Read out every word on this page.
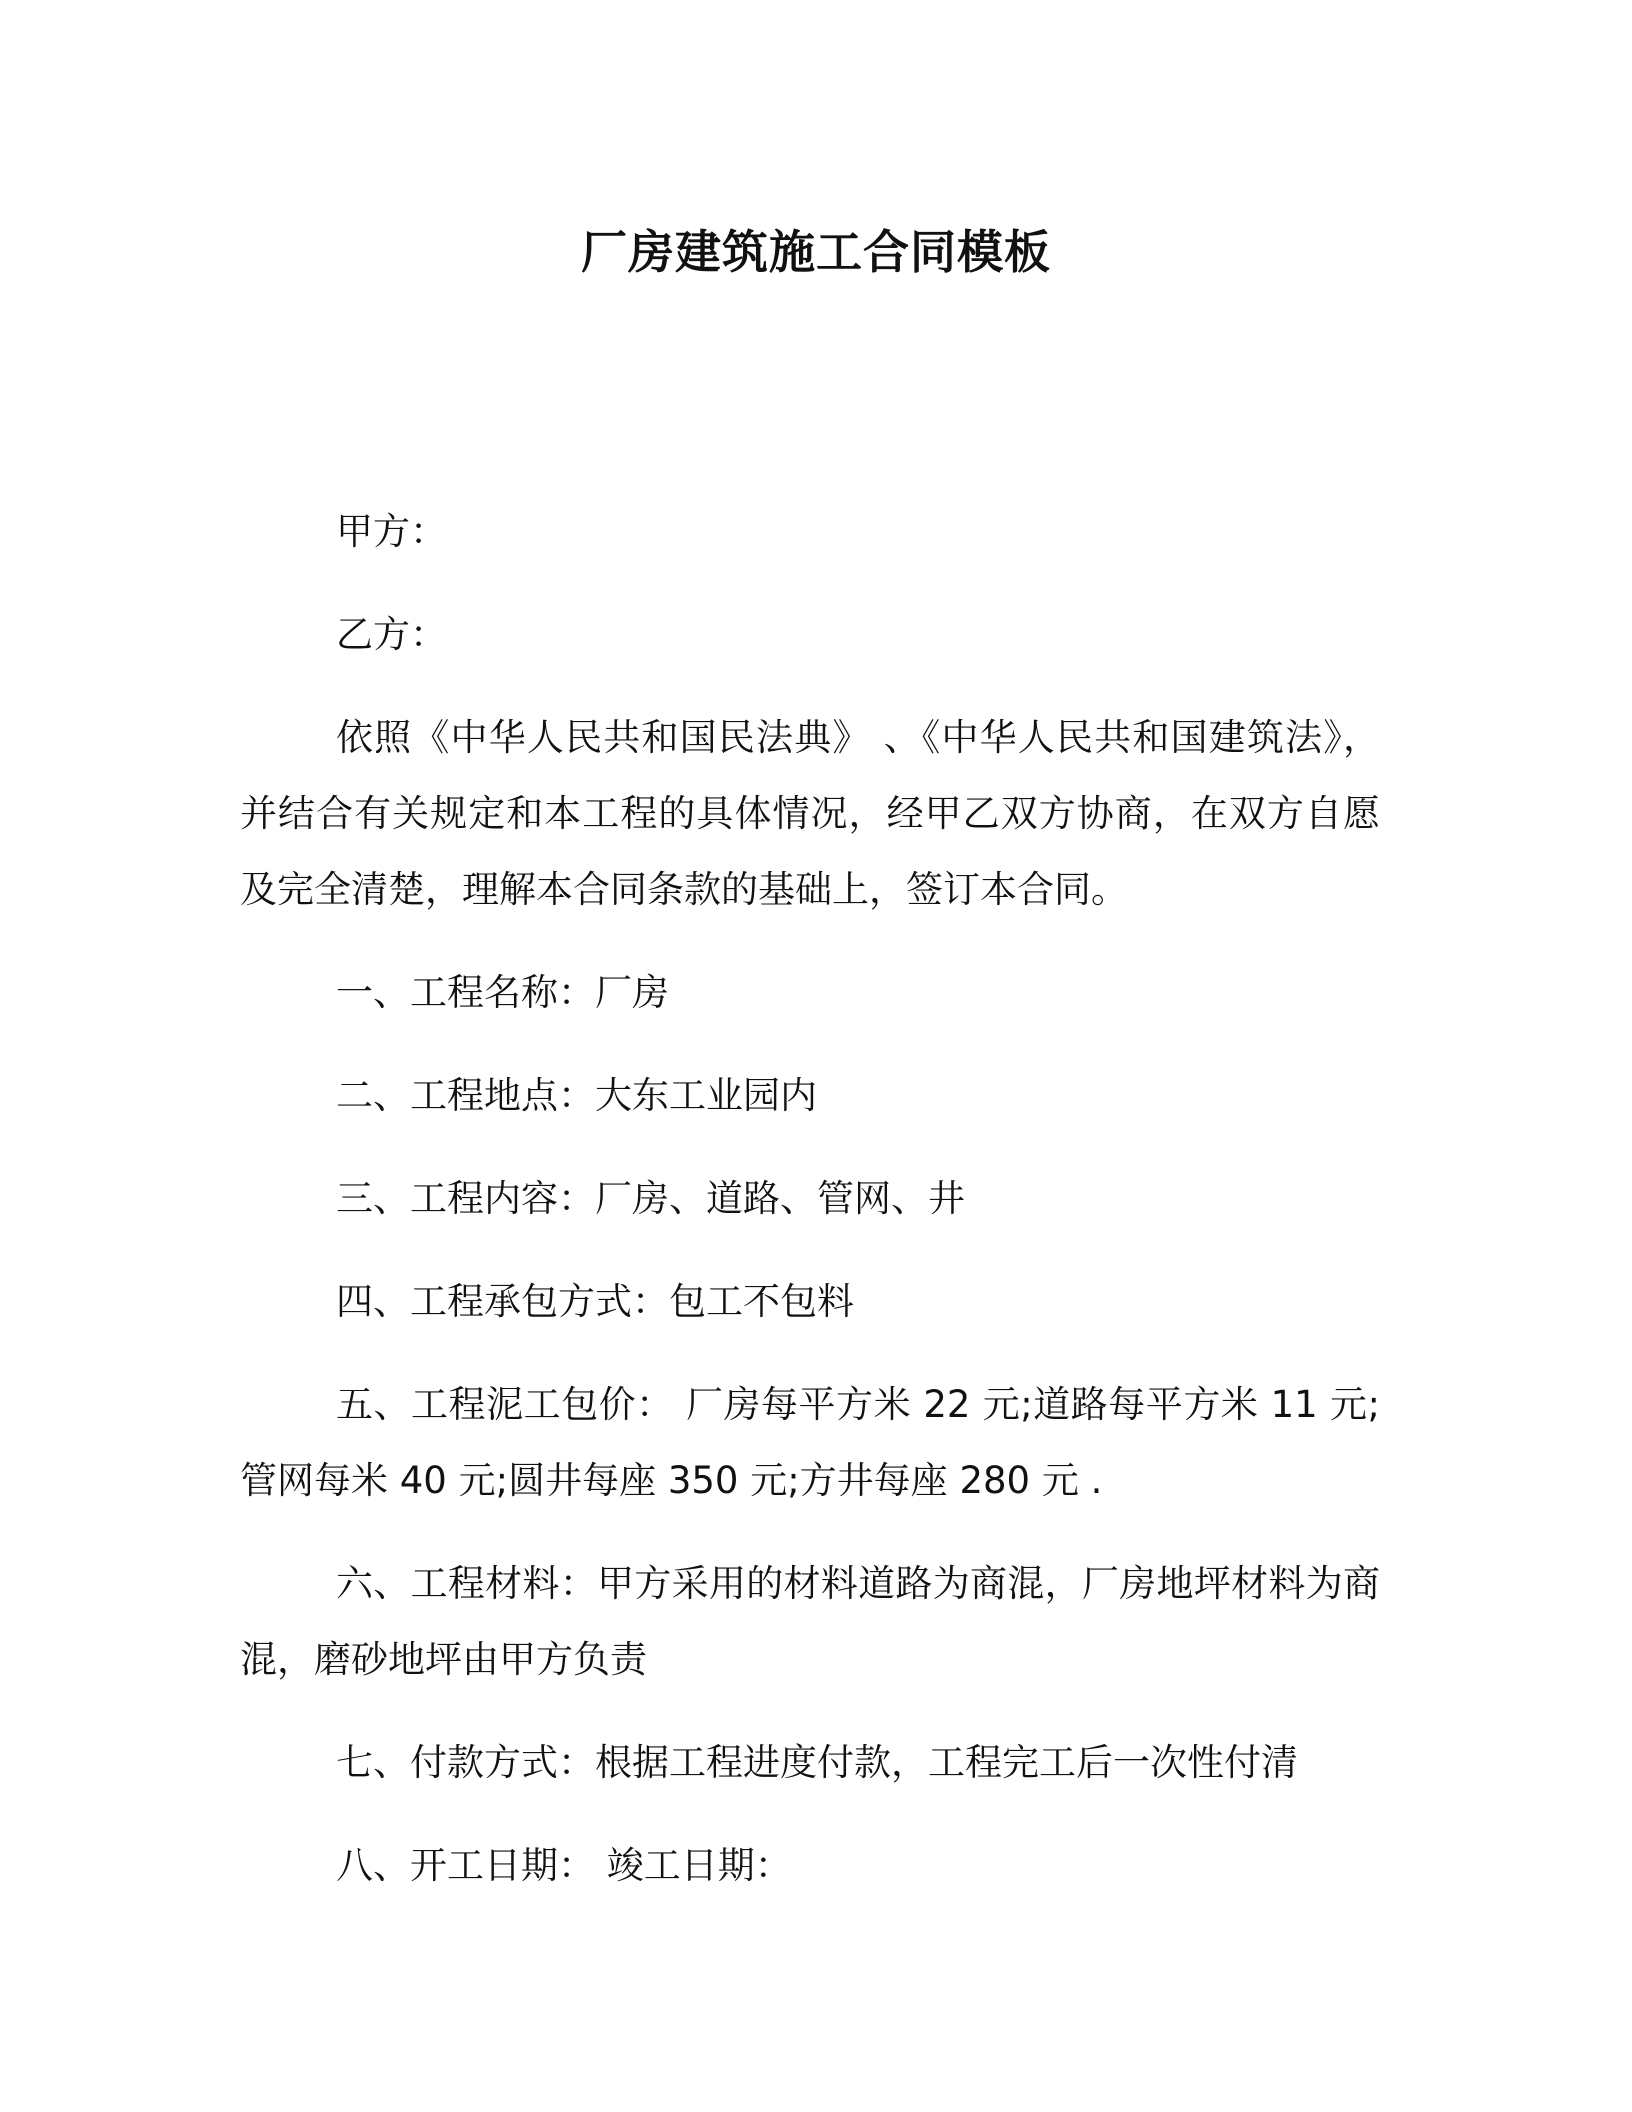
厂房建筑施工合同模板

甲方：

乙方：

依照《中华人民共和国民法典》 、《中华人民共和国建筑法》，并结合有关规定和本工程的具体情况，经甲乙双方协商，在双方自愿及完全清楚，理解本合同条款的基础上，签订本合同。

一、工程名称：厂房

二、工程地点：大东工业园内

三、工程内容：厂房、道路、管网、井

四、工程承包方式：包工不包料

五、工程泥工包价： 厂房每平方米 22 元;道路每平方米 11 元;管网每米 40 元;圆井每座 350 元;方井每座 280 元 .

六、工程材料：甲方采用的材料道路为商混，厂房地坪材料为商混，磨砂地坪由甲方负责

七、付款方式：根据工程进度付款，工程完工后一次性付清

八、开工日期： 竣工日期：
